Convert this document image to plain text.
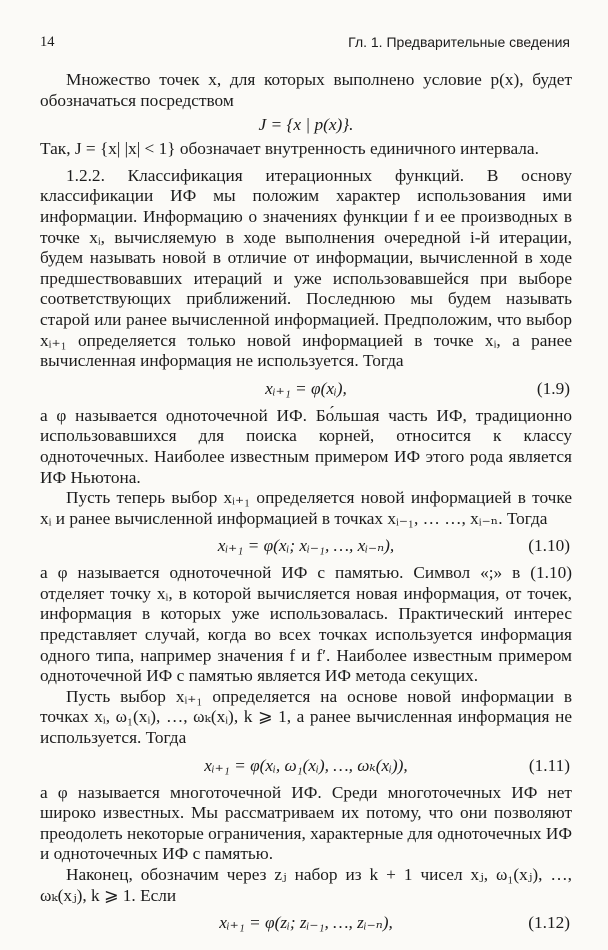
14	Гл. 1. Предварительные сведения

Множество точек x, для которых выполнено условие p(x), будет обозначаться посредством

J = {x | p(x)}.

Так, J = {x| |x| < 1} обозначает внутренность единичного интервала.

1.2.2. Классификация итерационных функций. В основу классификации ИФ мы положим характер использования ими информации. Информацию о значениях функции f и ее производных в точке xᵢ, вычисляемую в ходе выполнения очередной i-й итерации, будем называть новой в отличие от информации, вычисленной в ходе предшествовавших итераций и уже использовавшейся при выборе соответствующих приближений. Последнюю мы будем называть старой или ранее вычисленной информацией. Предположим, что выбор xᵢ₊₁ определяется только новой информацией в точке xᵢ, а ранее вычисленная информация не используется. Тогда

xᵢ₊₁ = φ(xᵢ),	(1.9)

а φ называется одноточечной ИФ. Бо́льшая часть ИФ, традиционно использовавшихся для поиска корней, относится к классу одноточечных. Наиболее известным примером ИФ этого рода является ИФ Ньютона.

Пусть теперь выбор xᵢ₊₁ определяется новой информацией в точке xᵢ и ранее вычисленной информацией в точках xᵢ₋₁, … …, xᵢ₋ₙ. Тогда

xᵢ₊₁ = φ(xᵢ; xᵢ₋₁, …, xᵢ₋ₙ),	(1.10)

а φ называется одноточечной ИФ с памятью. Символ «;» в (1.10) отделяет точку xᵢ, в которой вычисляется новая информация, от точек, информация в которых уже использовалась. Практический интерес представляет случай, когда во всех точках используется информация одного типа, например значения f и f′. Наиболее известным примером одноточечной ИФ с памятью является ИФ метода секущих.

Пусть выбор xᵢ₊₁ определяется на основе новой информации в точках xᵢ, ω₁(xᵢ), …, ωₖ(xᵢ), k ⩾ 1, а ранее вычисленная информация не используется. Тогда

xᵢ₊₁ = φ(xᵢ, ω₁(xᵢ), …, ωₖ(xᵢ)),	(1.11)

а φ называется многоточечной ИФ. Среди многоточечных ИФ нет широко известных. Мы рассматриваем их потому, что они позволяют преодолеть некоторые ограничения, характерные для одноточечных ИФ и одноточечных ИФ с памятью.

Наконец, обозначим через zⱼ набор из k + 1 чисел xⱼ, ω₁(xⱼ), …, ωₖ(xⱼ), k ⩾ 1. Если

xᵢ₊₁ = φ(zᵢ; zᵢ₋₁, …, zᵢ₋ₙ),	(1.12)
